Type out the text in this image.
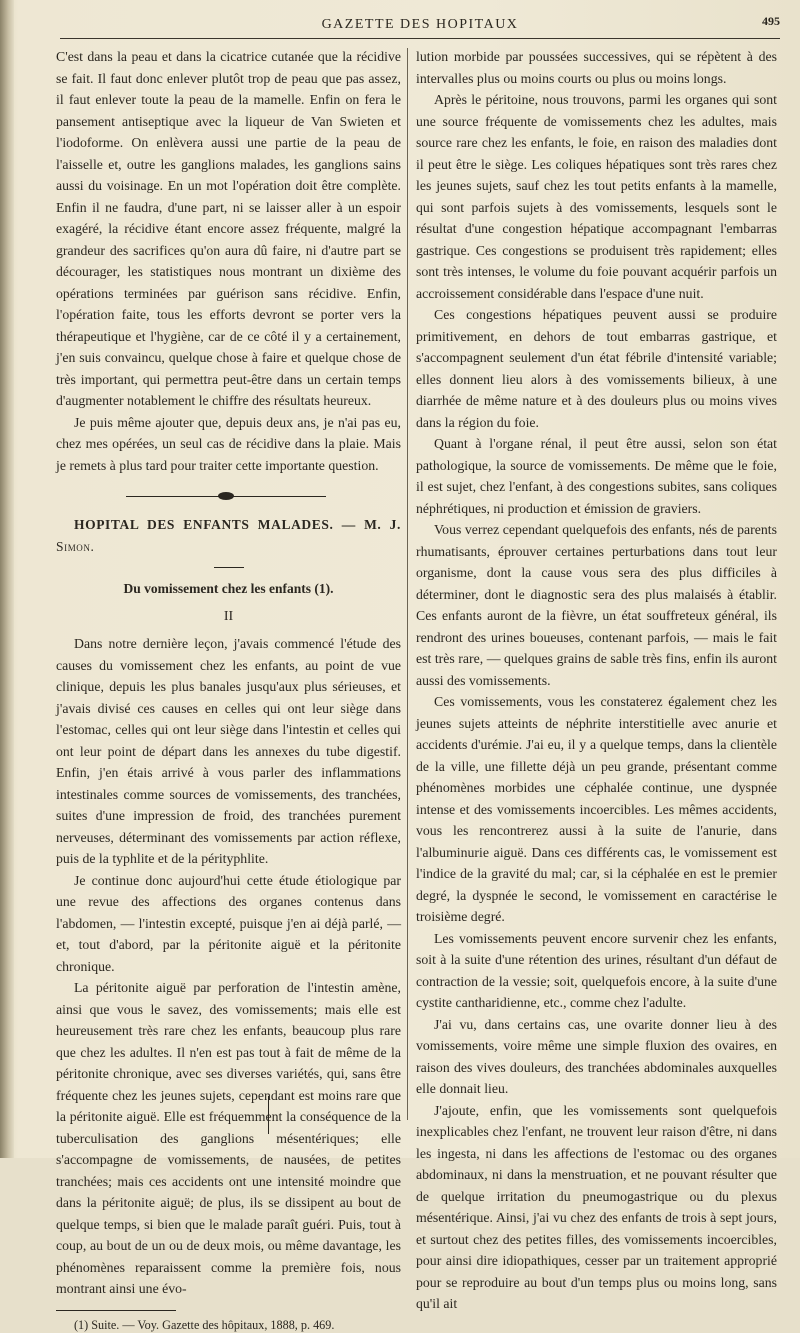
GAZETTE DES HOPITAUX	495

C'est dans la peau et dans la cicatrice cutanée que la récidive se fait. Il faut donc enlever plutôt trop de peau que pas assez, il faut enlever toute la peau de la mamelle. Enfin on fera le pansement antiseptique avec la liqueur de Van Swieten et l'iodoforme. On enlèvera aussi une partie de la peau de l'aisselle et, outre les ganglions malades, les ganglions sains aussi du voisinage. En un mot l'opération doit être complète. Enfin il ne faudra, d'une part, ni se laisser aller à un espoir exagéré, la récidive étant encore assez fréquente, malgré la grandeur des sacrifices qu'on aura dû faire, ni d'autre part se décourager, les statistiques nous montrant un dixième des opérations terminées par guérison sans récidive. Enfin, l'opération faite, tous les efforts devront se porter vers la thérapeutique et l'hygiène, car de ce côté il y a certainement, j'en suis convaincu, quelque chose à faire et quelque chose de très important, qui permettra peut-être dans un certain temps d'augmenter notablement le chiffre des résultats heureux.

Je puis même ajouter que, depuis deux ans, je n'ai pas eu, chez mes opérées, un seul cas de récidive dans la plaie. Mais je remets à plus tard pour traiter cette importante question.

HOPITAL DES ENFANTS MALADES. — M. J. Simon.

Du vomissement chez les enfants (1).
II

Dans notre dernière leçon, j'avais commencé l'étude des causes du vomissement chez les enfants, au point de vue clinique, depuis les plus banales jusqu'aux plus sérieuses, et j'avais divisé ces causes en celles qui ont leur siège dans l'estomac, celles qui ont leur siège dans l'intestin et celles qui ont leur point de départ dans les annexes du tube digestif. Enfin, j'en étais arrivé à vous parler des inflammations intestinales comme sources de vomissements, des tranchées, suites d'une impression de froid, des tranchées purement nerveuses, déterminant des vomissements par action réflexe, puis de la typhlite et de la pérityphlite.

Je continue donc aujourd'hui cette étude étiologique par une revue des affections des organes contenus dans l'abdomen, — l'intestin excepté, puisque j'en ai déjà parlé, — et, tout d'abord, par la péritonite aiguë et la péritonite chronique.

La péritonite aiguë par perforation de l'intestin amène, ainsi que vous le savez, des vomissements; mais elle est heureusement très rare chez les enfants, beaucoup plus rare que chez les adultes. Il n'en est pas tout à fait de même de la péritonite chronique, avec ses diverses variétés, qui, sans être fréquente chez les jeunes sujets, cependant est moins rare que la péritonite aiguë. Elle est fréquemment la conséquence de la tuberculisation des ganglions mésentériques; elle s'accompagne de vomissements, de nausées, de petites tranchées; mais ces accidents ont une intensité moindre que dans la péritonite aiguë; de plus, ils se dissipent au bout de quelque temps, si bien que le malade paraît guéri. Puis, tout à coup, au bout de un ou de deux mois, ou même davantage, les phénomènes reparaissent comme la première fois, nous montrant ainsi une évo-

(1) Suite. — Voy. Gazette des hôpitaux, 1888, p. 469.

lution morbide par poussées successives, qui se répètent à des intervalles plus ou moins courts ou plus ou moins longs.

Après le péritoine, nous trouvons, parmi les organes qui sont une source fréquente de vomissements chez les adultes, mais source rare chez les enfants, le foie, en raison des maladies dont il peut être le siège. Les coliques hépatiques sont très rares chez les jeunes sujets, sauf chez les tout petits enfants à la mamelle, qui sont parfois sujets à des vomissements, lesquels sont le résultat d'une congestion hépatique accompagnant l'embarras gastrique. Ces congestions se produisent très rapidement; elles sont très intenses, le volume du foie pouvant acquérir parfois un accroissement considérable dans l'espace d'une nuit.

Ces congestions hépatiques peuvent aussi se produire primitivement, en dehors de tout embarras gastrique, et s'accompagnent seulement d'un état fébrile d'intensité variable; elles donnent lieu alors à des vomissements bilieux, à une diarrhée de même nature et à des douleurs plus ou moins vives dans la région du foie.

Quant à l'organe rénal, il peut être aussi, selon son état pathologique, la source de vomissements. De même que le foie, il est sujet, chez l'enfant, à des congestions subites, sans coliques néphrétiques, ni production et émission de graviers.

Vous verrez cependant quelquefois des enfants, nés de parents rhumatisants, éprouver certaines perturbations dans tout leur organisme, dont la cause vous sera des plus difficiles à déterminer, dont le diagnostic sera des plus malaisés à établir. Ces enfants auront de la fièvre, un état souffreteux général, ils rendront des urines boueuses, contenant parfois, — mais le fait est très rare, — quelques grains de sable très fins, enfin ils auront aussi des vomissements.

Ces vomissements, vous les constaterez également chez les jeunes sujets atteints de néphrite interstitielle avec anurie et accidents d'urémie. J'ai eu, il y a quelque temps, dans la clientèle de la ville, une fillette déjà un peu grande, présentant comme phénomènes morbides une céphalée continue, une dyspnée intense et des vomissements incoercibles. Les mêmes accidents, vous les rencontrerez aussi à la suite de l'anurie, dans l'albuminurie aiguë. Dans ces différents cas, le vomissement est l'indice de la gravité du mal; car, si la céphalée en est le premier degré, la dyspnée le second, le vomissement en caractérise le troisième degré.

Les vomissements peuvent encore survenir chez les enfants, soit à la suite d'une rétention des urines, résultant d'un défaut de contraction de la vessie; soit, quelquefois encore, à la suite d'une cystite cantharidienne, etc., comme chez l'adulte.

J'ai vu, dans certains cas, une ovarite donner lieu à des vomissements, voire même une simple fluxion des ovaires, en raison des vives douleurs, des tranchées abdominales auxquelles elle donnait lieu.

J'ajoute, enfin, que les vomissements sont quelquefois inexplicables chez l'enfant, ne trouvent leur raison d'être, ni dans les ingesta, ni dans les affections de l'estomac ou des organes abdominaux, ni dans la menstruation, et ne pouvant résulter que de quelque irritation du pneumogastrique ou du plexus mésentérique. Ainsi, j'ai vu chez des enfants de trois à sept jours, et surtout chez des petites filles, des vomissements incoercibles, pour ainsi dire idiopathiques, cesser par un traitement approprié pour se reproduire au bout d'un temps plus ou moins long, sans qu'il ait
